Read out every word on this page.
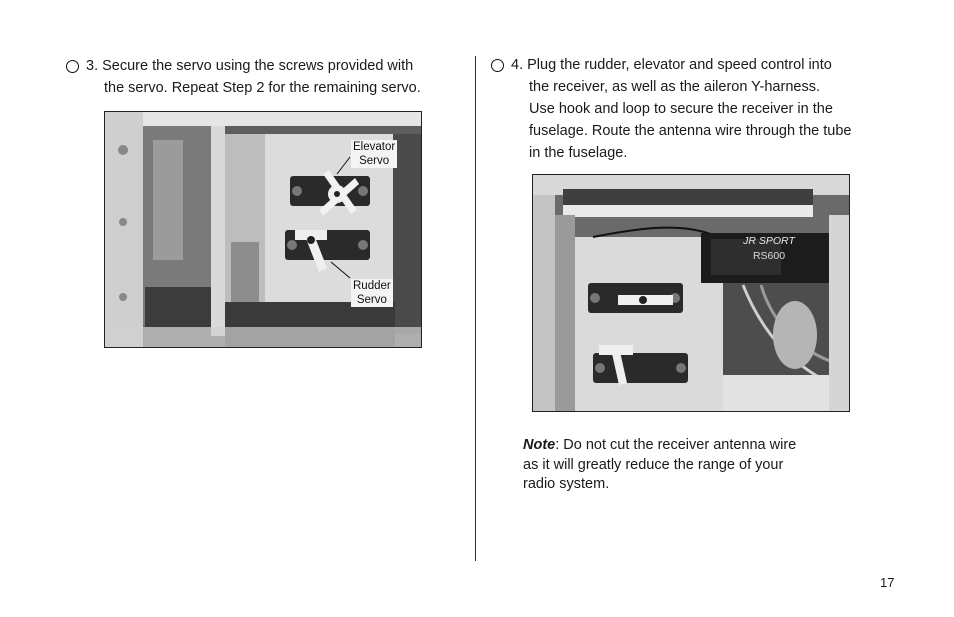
3. Secure the servo using the screws provided with
the servo. Repeat Step 2 for the remaining servo.
Elevator
Servo
Rudder
Servo
4. Plug the rudder, elevator and speed control into
the receiver, as well as the aileron Y-harness.
Use hook and loop to secure the receiver in the
fuselage. Route the antenna wire through the tube
in the fuselage.
JR SPORT
RS600
Note: Do not cut the receiver antenna wire
as it will greatly reduce the range of your
radio system.
17
